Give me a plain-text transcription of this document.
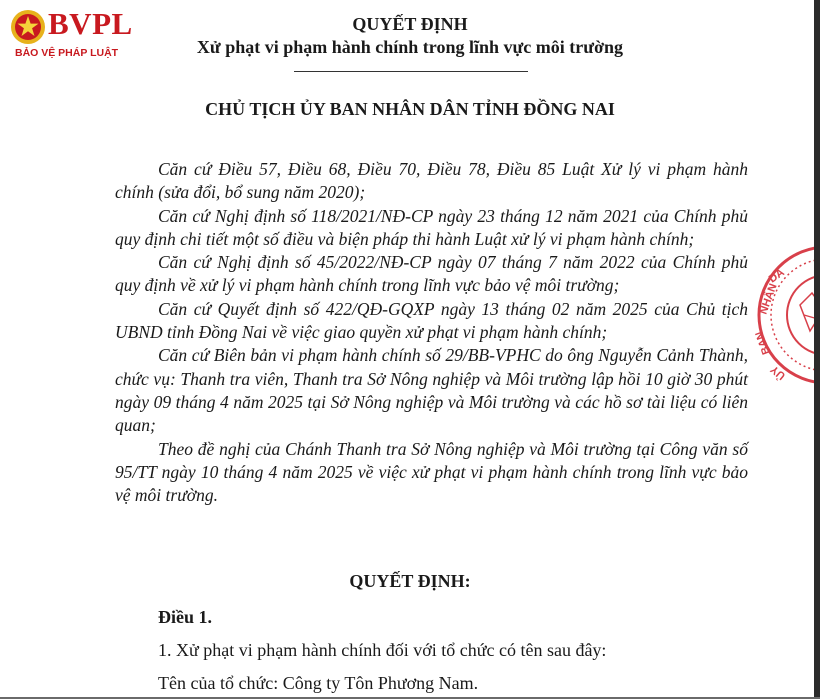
BVPL
BẢO VỆ PHÁP LUẬT
QUYẾT ĐỊNH
Xử phạt vi phạm hành chính trong lĩnh vực môi trường
CHỦ TỊCH ỦY BAN NHÂN DÂN TỈNH ĐỒNG NAI
Căn cứ Điều 57, Điều 68, Điều 70, Điều 78, Điều 85 Luật Xử lý vi phạm hành chính (sửa đổi, bổ sung năm 2020);
Căn cứ Nghị định số 118/2021/NĐ-CP ngày 23 tháng 12 năm 2021 của Chính phủ quy định chi tiết một số điều và biện pháp thi hành Luật xử lý vi phạm hành chính;
Căn cứ Nghị định số 45/2022/NĐ-CP ngày 07 tháng 7 năm 2022 của Chính phủ quy định về xử lý vi phạm hành chính trong lĩnh vực bảo vệ môi trường;
Căn cứ Quyết định số 422/QĐ-GQXP ngày 13 tháng 02 năm 2025 của Chủ tịch UBND tỉnh Đồng Nai về việc giao quyền xử phạt vi phạm hành chính;
Căn cứ Biên bản vi phạm hành chính số 29/BB-VPHC do ông Nguyễn Cảnh Thành, chức vụ: Thanh tra viên, Thanh tra Sở Nông nghiệp và Môi trường lập hồi 10 giờ 30 phút ngày 09 tháng 4 năm 2025 tại Sở Nông nghiệp và Môi trường và các hồ sơ tài liệu có liên quan;
Theo đề nghị của Chánh Thanh tra Sở Nông nghiệp và Môi trường tại Công văn số 95/TT ngày 10 tháng 4 năm 2025 về việc xử phạt vi phạm hành chính trong lĩnh vực bảo vệ môi trường.
QUYẾT ĐỊNH:
Điều 1.
1. Xử phạt vi phạm hành chính đối với tổ chức có tên sau đây:
Tên của tổ chức: Công ty Tôn Phương Nam.
DÂ
NHÂN
BAN
ỦY
